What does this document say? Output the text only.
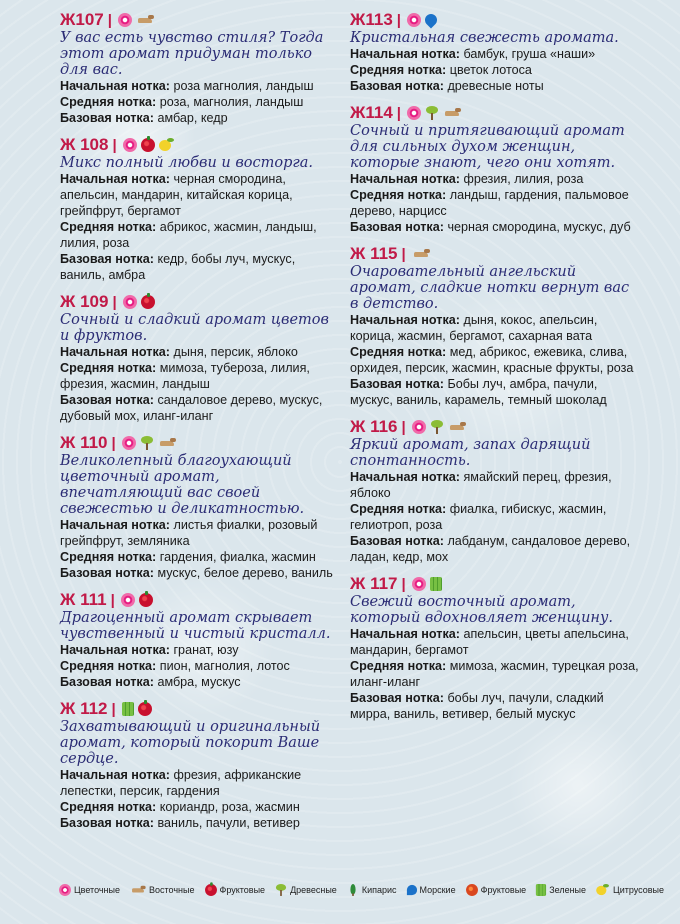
Ж107 |
У вас есть чувство стиля? Тогда этот аромат придуман только для вас.
Начальная нотка: роза магнолия, ландыш
Средняя нотка: роза, магнолия, ландыш
Базовая нотка: амбар, кедр
Ж 108 |
Микс полный любви и восторга.
Начальная нотка: черная смородина, апельсин, мандарин, китайская корица, грейпфрут, бергамот
Средняя нотка: абрикос, жасмин, ландыш, лилия, роза
Базовая нотка: кедр, бобы луч, мускус, ваниль, амбра
Ж 109 |
Сочный и сладкий аромат цветов и фруктов.
Начальная нотка: дыня, персик, яблоко
Средняя нотка: мимоза, тубероза, лилия, фрезия, жасмин, ландыш
Базовая нотка: сандаловое дерево, мускус, дубовый мох, иланг-иланг
Ж 110 |
Великолепный благоухающий цветочный аромат, впечатляющий вас своей свежестью и деликатностью.
Начальная нотка: листья фиалки, розовый грейпфрут, земляника
Средняя нотка: гардения, фиалка, жасмин
Базовая нотка: мускус, белое дерево, ваниль
Ж 111 |
Драгоценный аромат скрывает чувственный и чистый кристалл.
Начальная нотка: гранат, юзу
Средняя нотка: пион, магнолия, лотос
Базовая нотка: амбра, мускус
Ж 112 |
Захватывающий и оригинальный аромат, который покорит Ваше сердце.
Начальная нотка: фрезия, африканские лепестки, персик, гардения
Средняя нотка: кориандр, роза, жасмин
Базовая нотка: ваниль, пачули, ветивер
Ж113 |
Кристальная свежесть аромата.
Начальная нотка: бамбук, груша «наши»
Средняя нотка: цветок лотоса
Базовая нотка: древесные ноты
Ж114 |
Сочный и притягивающий аромат для сильных духом женщин, которые знают, чего они хотят.
Начальная нотка: фрезия, лилия, роза
Средняя нотка: ландыш, гардения, пальмовое дерево, нарцисс
Базовая нотка: черная смородина, мускус, дуб
Ж 115 |
Очаровательный ангельский аромат, сладкие нотки вернут вас в детство.
Начальная нотка: дыня, кокос, апельсин, корица, жасмин, бергамот, сахарная вата
Средняя нотка: мед, абрикос, ежевика, слива, орхидея, персик, жасмин, красные фрукты, роза
Базовая нотка: Бобы луч, амбра, пачули, мускус, ваниль, карамель, темный шоколад
Ж 116 |
Яркий аромат, запах дарящий спонтанность.
Начальная нотка: ямайский перец, фрезия, яблоко
Средняя нотка: фиалка, гибискус, жасмин, гелиотроп, роза
Базовая нотка: лабданум, сандаловое дерево, ладан, кедр, мох
Ж 117 |
Свежий восточный аромат, который вдохновляет женщину.
Начальная нотка: апельсин, цветы апельсина, мандарин, бергамот
Средняя нотка: мимоза, жасмин, турецкая роза, иланг-иланг
Базовая нотка: бобы луч, пачули, сладкий мирра, ваниль, ветивер, белый мускус
Цветочные	Восточные	Фруктовые	Древесные	Кипарис	Морские	Фруктовые	Зеленые	Цитрусовые
